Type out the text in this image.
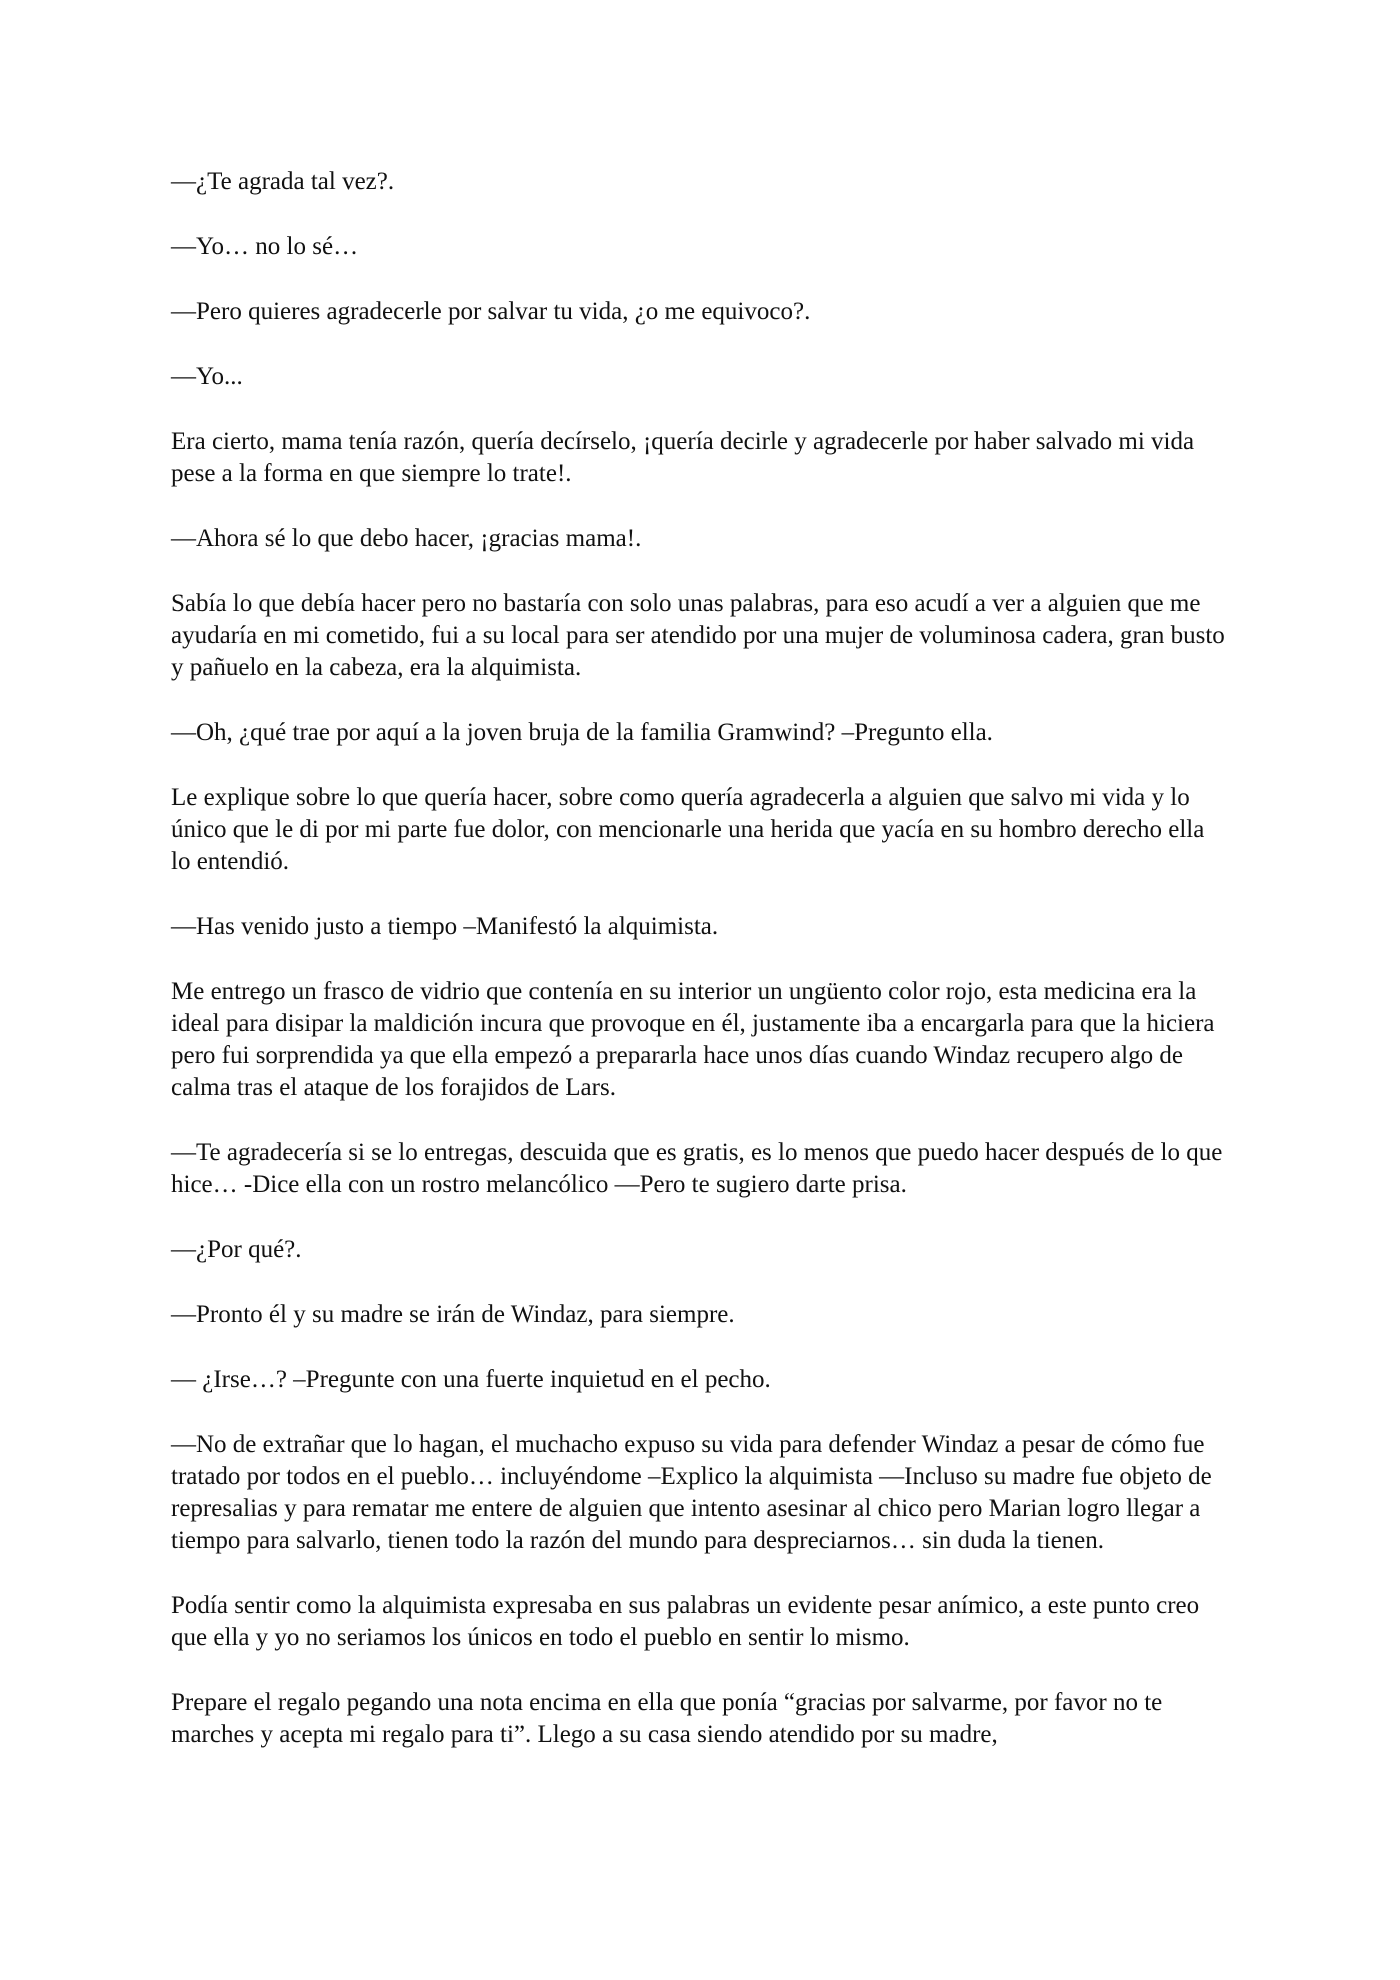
—¿Te agrada tal vez?.

—Yo… no lo sé…

—Pero quieres agradecerle por salvar tu vida, ¿o me equivoco?.

—Yo...

Era cierto, mama tenía razón, quería decírselo, ¡quería decirle y agradecerle por haber salvado mi vida pese a la forma en que siempre lo trate!.

—Ahora sé lo que debo hacer, ¡gracias mama!.

Sabía lo que debía hacer pero no bastaría con solo unas palabras, para eso acudí a ver a alguien que me ayudaría en mi cometido, fui a su local para ser atendido por una mujer de voluminosa cadera, gran busto y pañuelo en la cabeza, era la alquimista.

—Oh, ¿qué trae por aquí a la joven bruja de la familia Gramwind? –Pregunto ella.

Le explique sobre lo que quería hacer, sobre como quería agradecerla a alguien que salvo mi vida y lo único que le di por mi parte fue dolor, con mencionarle una herida que yacía en su hombro derecho ella lo entendió.

—Has venido justo a tiempo –Manifestó la alquimista.

Me entrego un frasco de vidrio que contenía en su interior un ungüento color rojo, esta medicina era la ideal para disipar la maldición incura que provoque en él, justamente iba a encargarla para que la hiciera pero fui sorprendida ya que ella empezó a prepararla hace unos días cuando Windaz recupero algo de calma tras el ataque de los forajidos de Lars.

—Te agradecería si se lo entregas, descuida que es gratis, es lo menos que puedo hacer después de lo que hice… -Dice ella con un rostro melancólico —Pero te sugiero darte prisa.

—¿Por qué?.

—Pronto él y su madre se irán de Windaz, para siempre.

— ¿Irse…? –Pregunte con una fuerte inquietud en el pecho.

—No de extrañar que lo hagan, el muchacho expuso su vida para defender Windaz a pesar de cómo fue tratado por todos en el pueblo… incluyéndome –Explico la alquimista —Incluso su madre fue objeto de represalias y para rematar me entere de alguien que intento asesinar al chico pero Marian logro llegar a tiempo para salvarlo, tienen todo la razón del mundo para despreciarnos… sin duda la tienen.

Podía sentir como la alquimista expresaba en sus palabras un evidente pesar anímico, a este punto creo que ella y yo no seriamos los únicos en todo el pueblo en sentir lo mismo.

Prepare el regalo pegando una nota encima en ella que ponía “gracias por salvarme, por favor no te marches y acepta mi regalo para ti”. Llego a su casa siendo atendido por su madre,
